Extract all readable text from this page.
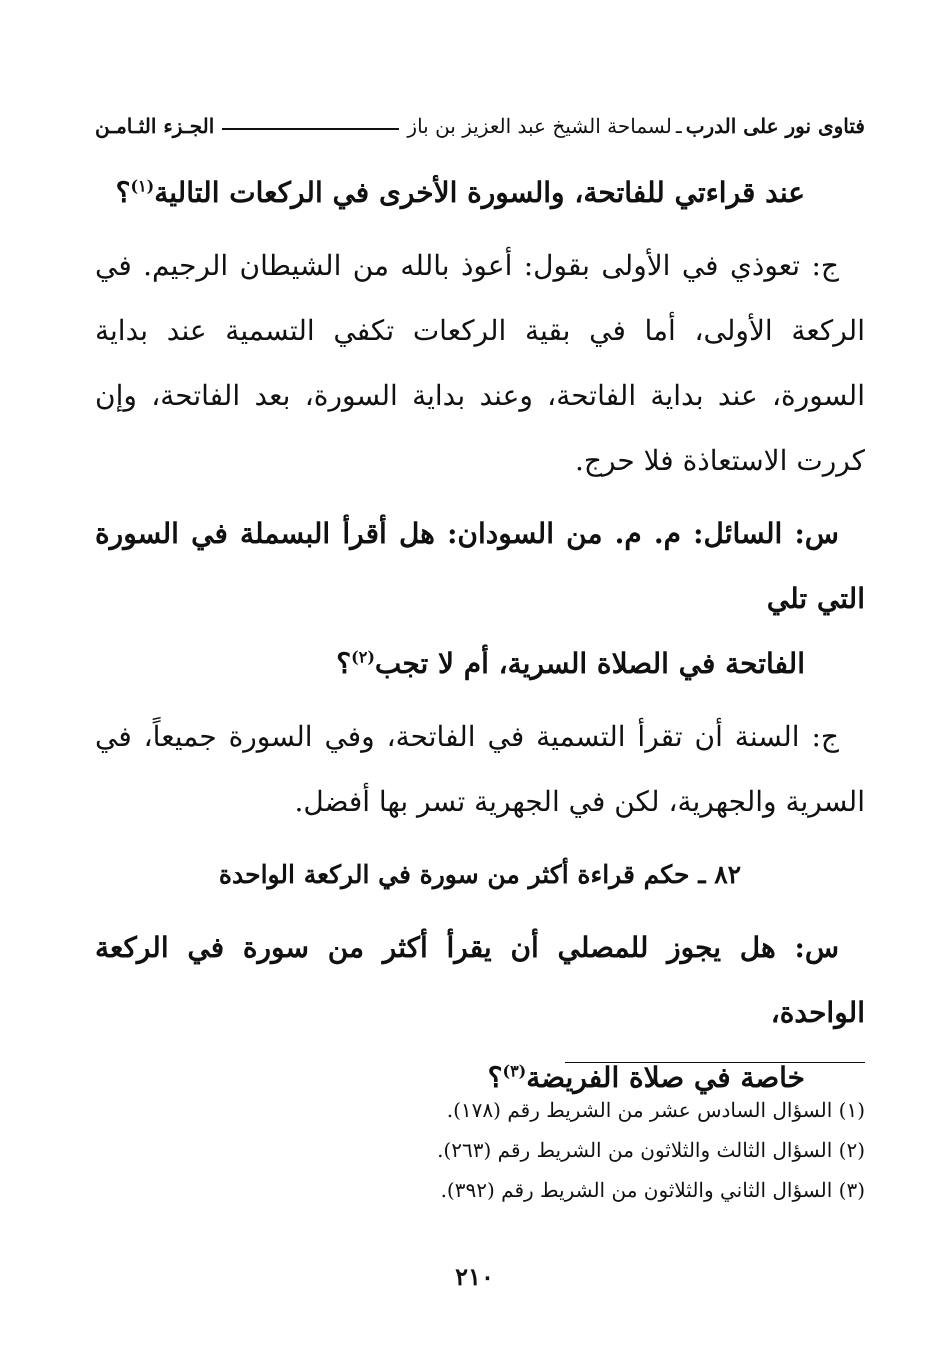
فتاوى نور على الدرب
ـ
لسماحة الشيخ عبد العزيز بن باز
الجـزء الثـامـن

عند قراءتي للفاتحة، والسورة الأخرى في الركعات التالية$^{(١)}$؟

ج: تعوذي في الأولى بقول: أعوذ بالله من الشيطان الرجيم. في الركعة الأولى، أما في بقية الركعات تكفي التسمية عند بداية السورة، عند بداية الفاتحة، وعند بداية السورة، بعد الفاتحة، وإن كررت الاستعاذة فلا حرج.

س: السائل: م. م. من السودان: هل أقرأ البسملة في السورة التي تلي

الفاتحة في الصلاة السرية، أم لا تجب$^{(٢)}$؟

ج: السنة أن تقرأ التسمية في الفاتحة، وفي السورة جميعاً، في السرية والجهرية، لكن في الجهرية تسر بها أفضل.

٨٢ ـ حكم قراءة أكثر من سورة في الركعة الواحدة

س: هل يجوز للمصلي أن يقرأ أكثر من سورة في الركعة الواحدة،

خاصة في صلاة الفريضة$^{(٣)}$؟

(١) السؤال السادس عشر من الشريط رقم (١٧٨).

(٢) السؤال الثالث والثلاثون من الشريط رقم (٢٦٣).

(٣) السؤال الثاني والثلاثون من الشريط رقم (٣٩٢).

٢١٠
